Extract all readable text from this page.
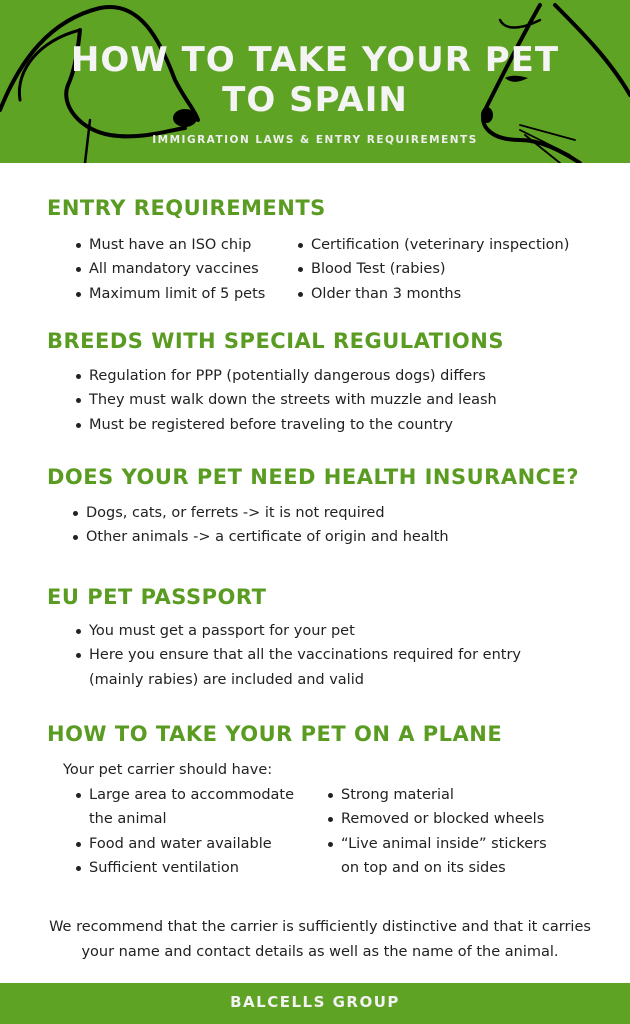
HOW TO TAKE YOUR PET
TO SPAIN
IMMIGRATION LAWS & ENTRY REQUIREMENTS
ENTRY REQUIREMENTS
Must have an ISO chip
All mandatory vaccines
Maximum limit of 5 pets
Certification (veterinary inspection)
Blood Test (rabies)
Older than 3 months
BREEDS WITH SPECIAL REGULATIONS
Regulation for PPP (potentially dangerous dogs) differs
They must walk down the streets with muzzle and leash
Must be registered before traveling to the country
DOES YOUR PET NEED HEALTH INSURANCE?
Dogs, cats, or ferrets -> it is not required
Other animals -> a certificate of origin and health
EU PET PASSPORT
You must get a passport for your pet
Here you ensure that all the vaccinations required for entry (mainly rabies) are included and valid
HOW TO TAKE YOUR PET ON A PLANE
Your pet carrier should have:
Large area to accommodate the animal
Food and water available
Sufficient ventilation
Strong material
Removed or blocked wheels
“Live animal inside” stickers on top and on its sides
We recommend that the carrier is sufficiently distinctive and that it carries your name and contact details as well as the name of the animal.
BALCELLS GROUP
